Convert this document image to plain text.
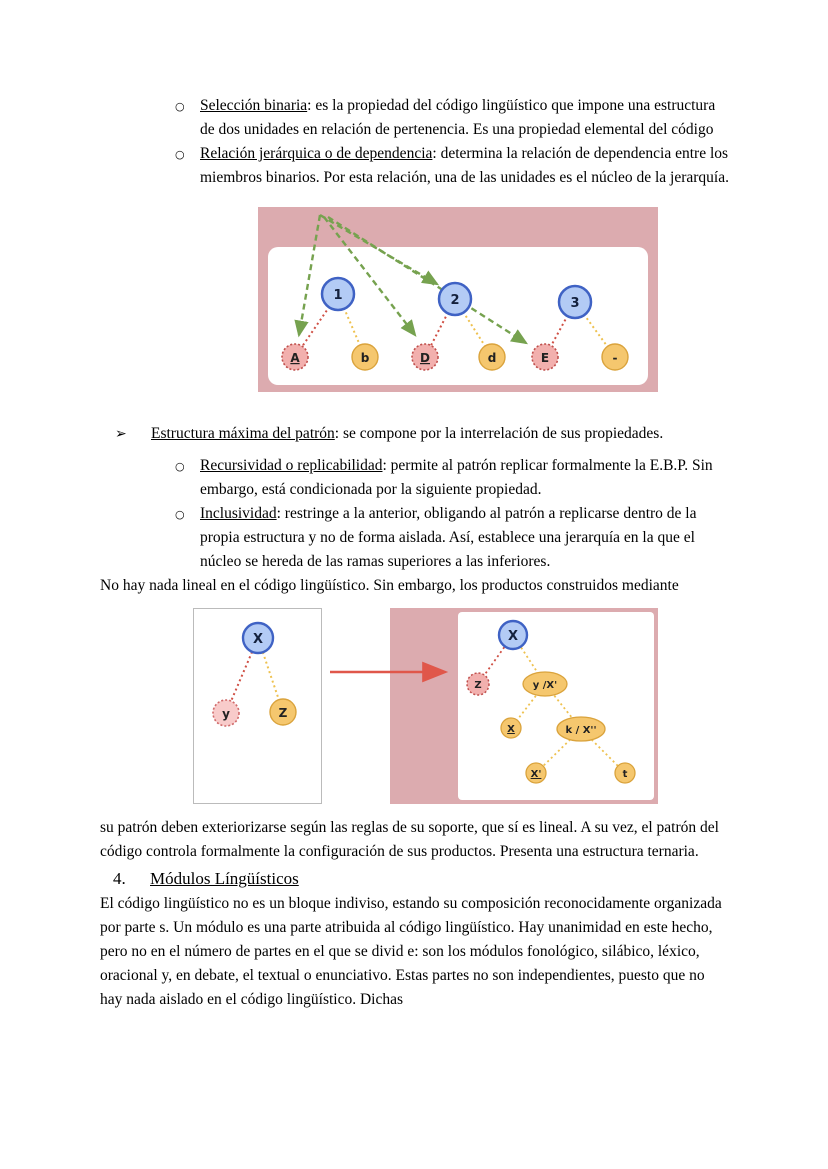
○ Selección binaria: es la propiedad del código lingüístico que impone una estructura de dos unidades en relación de pertenencia. Es una propiedad elemental del código
○ Relación jerárquica o de dependencia: determina la relación de dependencia entre los miembros binarios. Por esta relación, una de las unidades es el núcleo de la jerarquía.
1	2	3
A	b	D	d	E	-
➢	Estructura máxima del patrón: se compone por la interrelación de sus propiedades.
○ Recursividad o replicabilidad: permite al patrón replicar formalmente la E.B.P. Sin embargo, está condicionada por la siguiente propiedad.
○ Inclusividad: restringe a la anterior, obligando al patrón a replicarse dentro de la propia estructura y no de forma aislada. Así, establece una jerarquía en la que el núcleo se hereda de las ramas superiores a las inferiores.

No hay nada lineal en el código lingüístico. Sin embargo, los productos construidos mediante

X
y	Z
X
Z	y /X'
X	k / X''
X'	t

su patrón deben exteriorizarse según las reglas de su soporte, que sí es lineal. A su vez, el patrón del código controla formalmente la configuración de sus productos. Presenta una estructura ternaria.

4.	Módulos Língüísticos

El código lingüístico no es un bloque indiviso, estando su composición reconocidamente organizada por parte s. Un módulo es una parte atribuida al código lingüístico. Hay unanimidad en este hecho, pero no en el número de partes en el que se divid e: son los módulos fonológico, silábico, léxico, oracional y, en debate, el textual o enunciativo. Estas partes no son independientes, puesto que no hay nada aislado en el código lingüístico. Dichas
